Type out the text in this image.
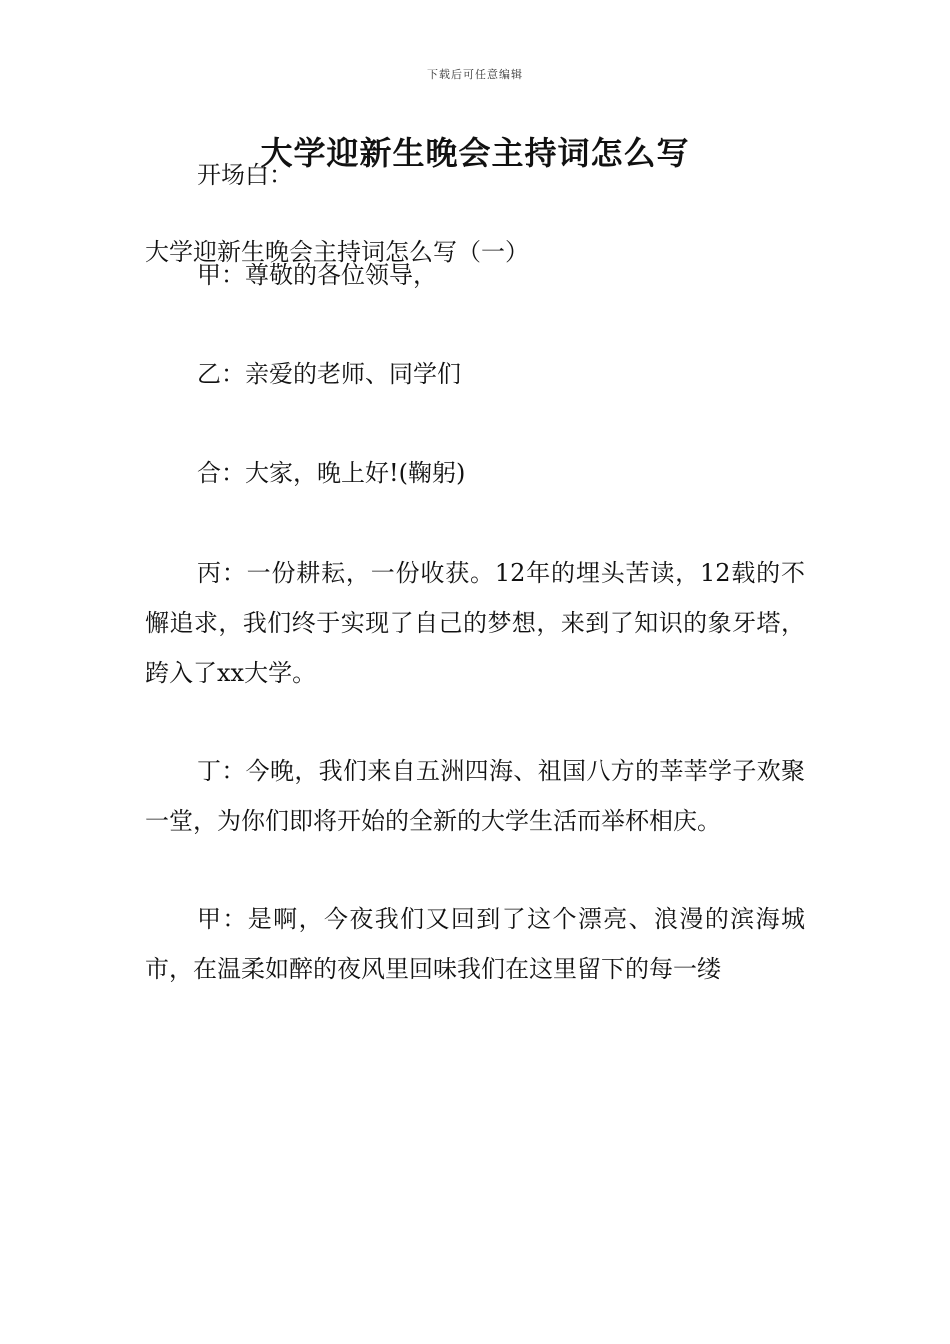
下载后可任意编辑
大学迎新生晚会主持词怎么写
大学迎新生晚会主持词怎么写（一）

开场白：

甲：尊敬的各位领导，

乙：亲爱的老师、同学们

合：大家，晚上好!(鞠躬)

丙：一份耕耘，一份收获。12年的埋头苦读，12载的不懈追求，我们终于实现了自己的梦想，来到了知识的象牙塔，跨入了xx大学。

丁：今晚，我们来自五洲四海、祖国八方的莘莘学子欢聚一堂，为你们即将开始的全新的大学生活而举杯相庆。

甲：是啊，今夜我们又回到了这个漂亮、浪漫的滨海城市，在温柔如醉的夜风里回味我们在这里留下的每一缕
